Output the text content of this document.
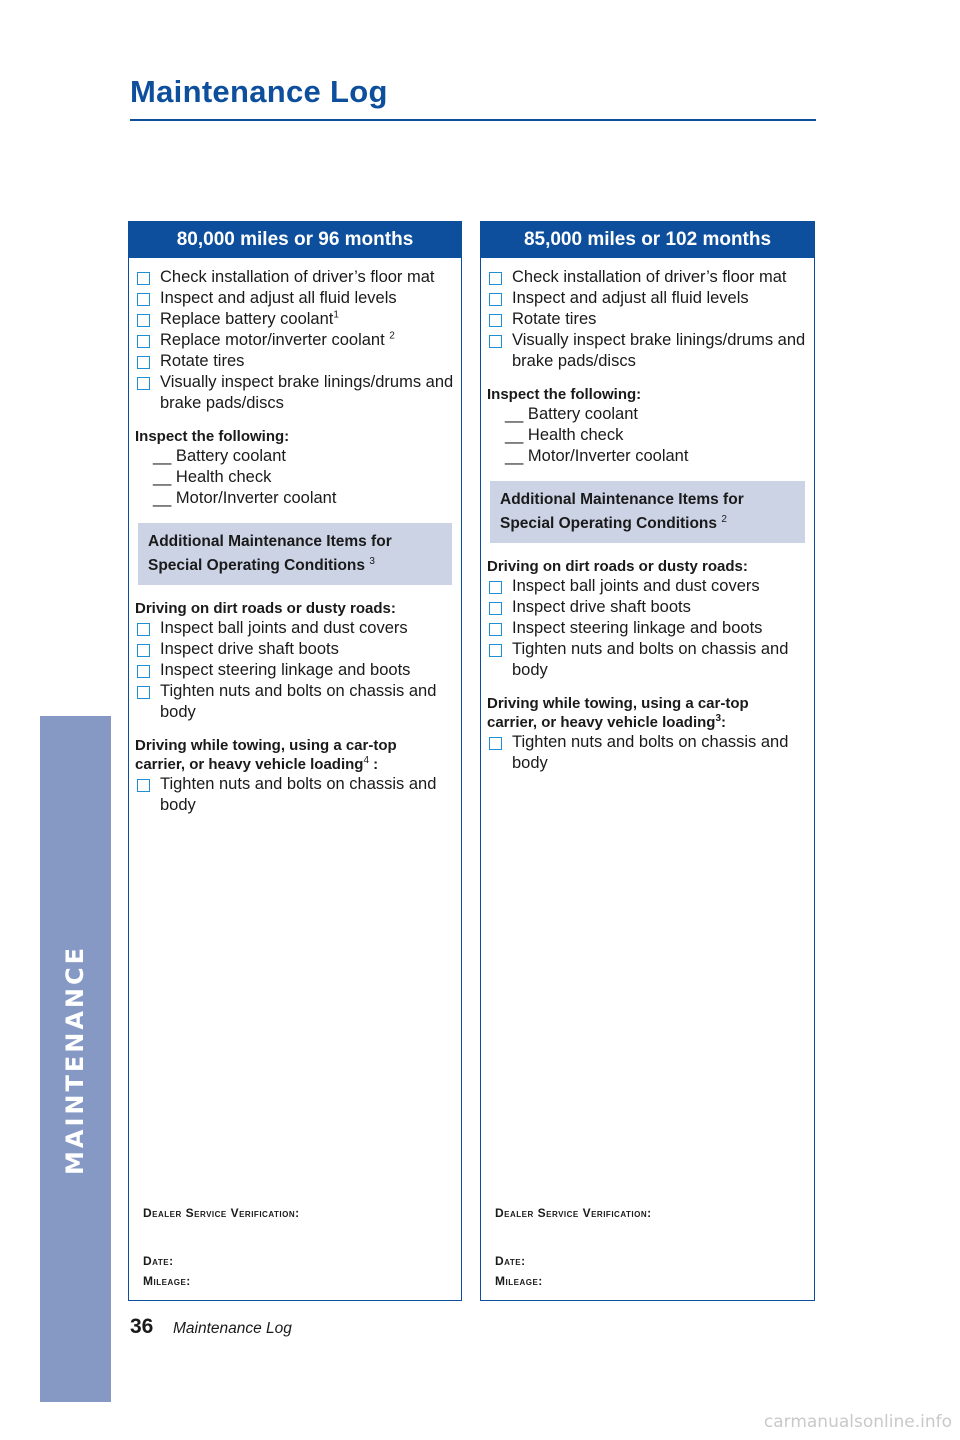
Maintenance Log
MAINTENANCE
80,000 miles or 96 months
Check installation of driver’s floor mat
Inspect and adjust all fluid levels
Replace battery coolant$^1$
Replace motor/inverter coolant $^2$
Rotate tires
Visually inspect brake linings/drums and brake pads/discs
Inspect the following:
__ Battery coolant
__ Health check
__ Motor/Inverter coolant
Additional Maintenance Items for
Special Operating Conditions $^3$
Driving on dirt roads or dusty roads:
Inspect ball joints and dust covers
Inspect drive shaft boots
Inspect steering linkage and boots
Tighten nuts and bolts on chassis and body
Driving while towing, using a car-top
carrier, or heavy vehicle loading$^4$ :
Tighten nuts and bolts on chassis and body
Dealer Service Verification:
Date:
Mileage:
85,000 miles or 102 months
Check installation of driver’s floor mat
Inspect and adjust all fluid levels
Rotate tires
Visually inspect brake linings/drums and brake pads/discs
Inspect the following:
__ Battery coolant
__ Health check
__ Motor/Inverter coolant
Additional Maintenance Items for
Special Operating Conditions $^2$
Driving on dirt roads or dusty roads:
Inspect ball joints and dust covers
Inspect drive shaft boots
Inspect steering linkage and boots
Tighten nuts and bolts on chassis and body
Driving while towing, using a car-top
carrier, or heavy vehicle loading$^3$:
Tighten nuts and bolts on chassis and body
Dealer Service Verification:
Date:
Mileage:
36 Maintenance Log
carmanualsonline.info
